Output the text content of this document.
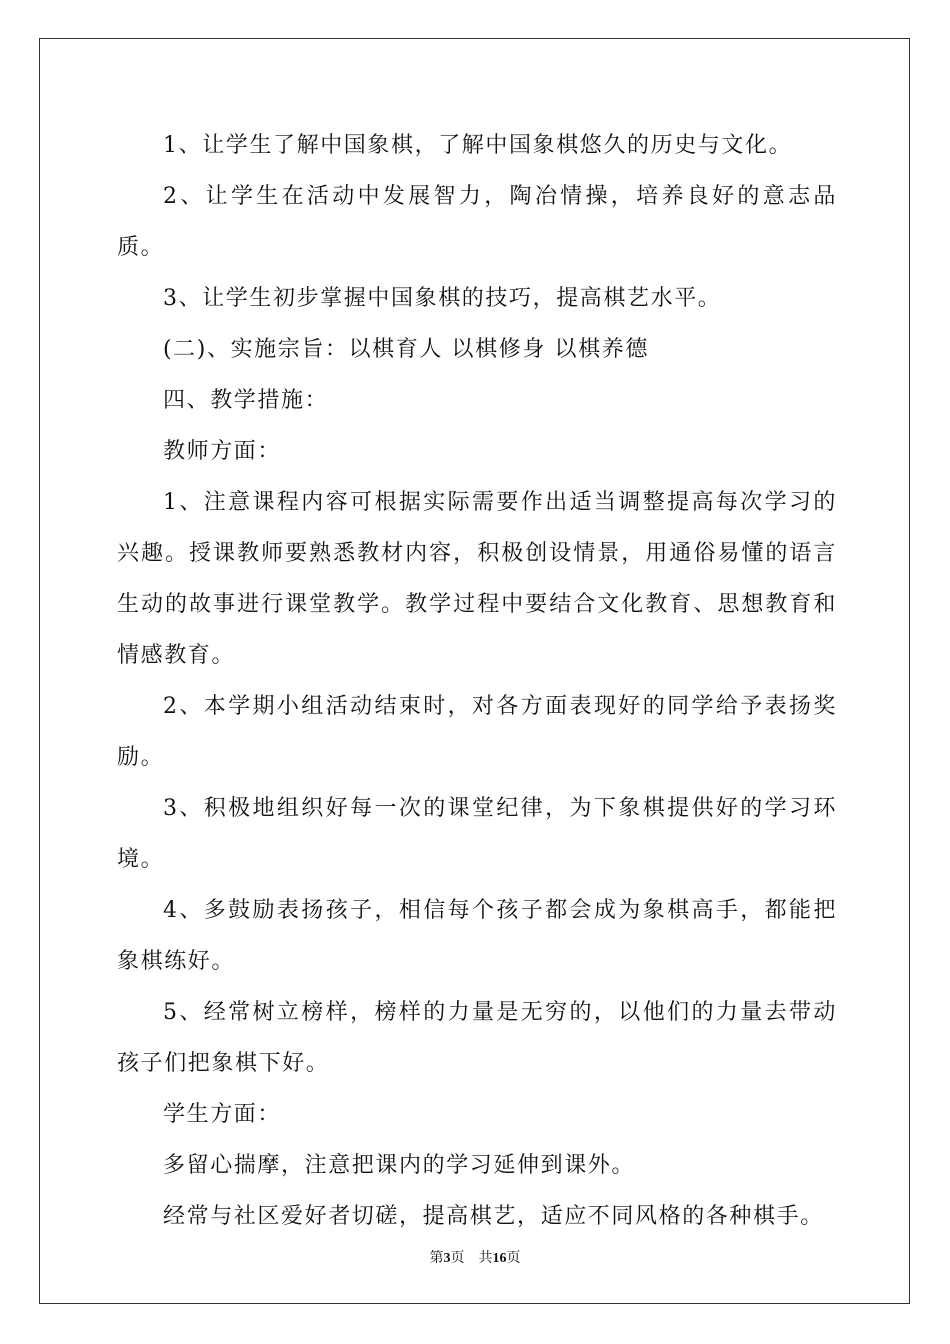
1、让学生了解中国象棋，了解中国象棋悠久的历史与文化。

2、让学生在活动中发展智力，陶冶情操，培养良好的意志品质。

3、让学生初步掌握中国象棋的技巧，提高棋艺水平。

(二)、实施宗旨：以棋育人 以棋修身 以棋养德

四、教学措施：

教师方面：

1、注意课程内容可根据实际需要作出适当调整提高每次学习的兴趣。授课教师要熟悉教材内容，积极创设情景，用通俗易懂的语言生动的故事进行课堂教学。教学过程中要结合文化教育、思想教育和情感教育。

2、本学期小组活动结束时，对各方面表现好的同学给予表扬奖励。

3、积极地组织好每一次的课堂纪律，为下象棋提供好的学习环境。

4、多鼓励表扬孩子，相信每个孩子都会成为象棋高手，都能把象棋练好。

5、经常树立榜样，榜样的力量是无穷的，以他们的力量去带动孩子们把象棋下好。

学生方面：

多留心揣摩，注意把课内的学习延伸到课外。

经常与社区爱好者切磋，提高棋艺，适应不同风格的各种棋手。

第3页 共16页
